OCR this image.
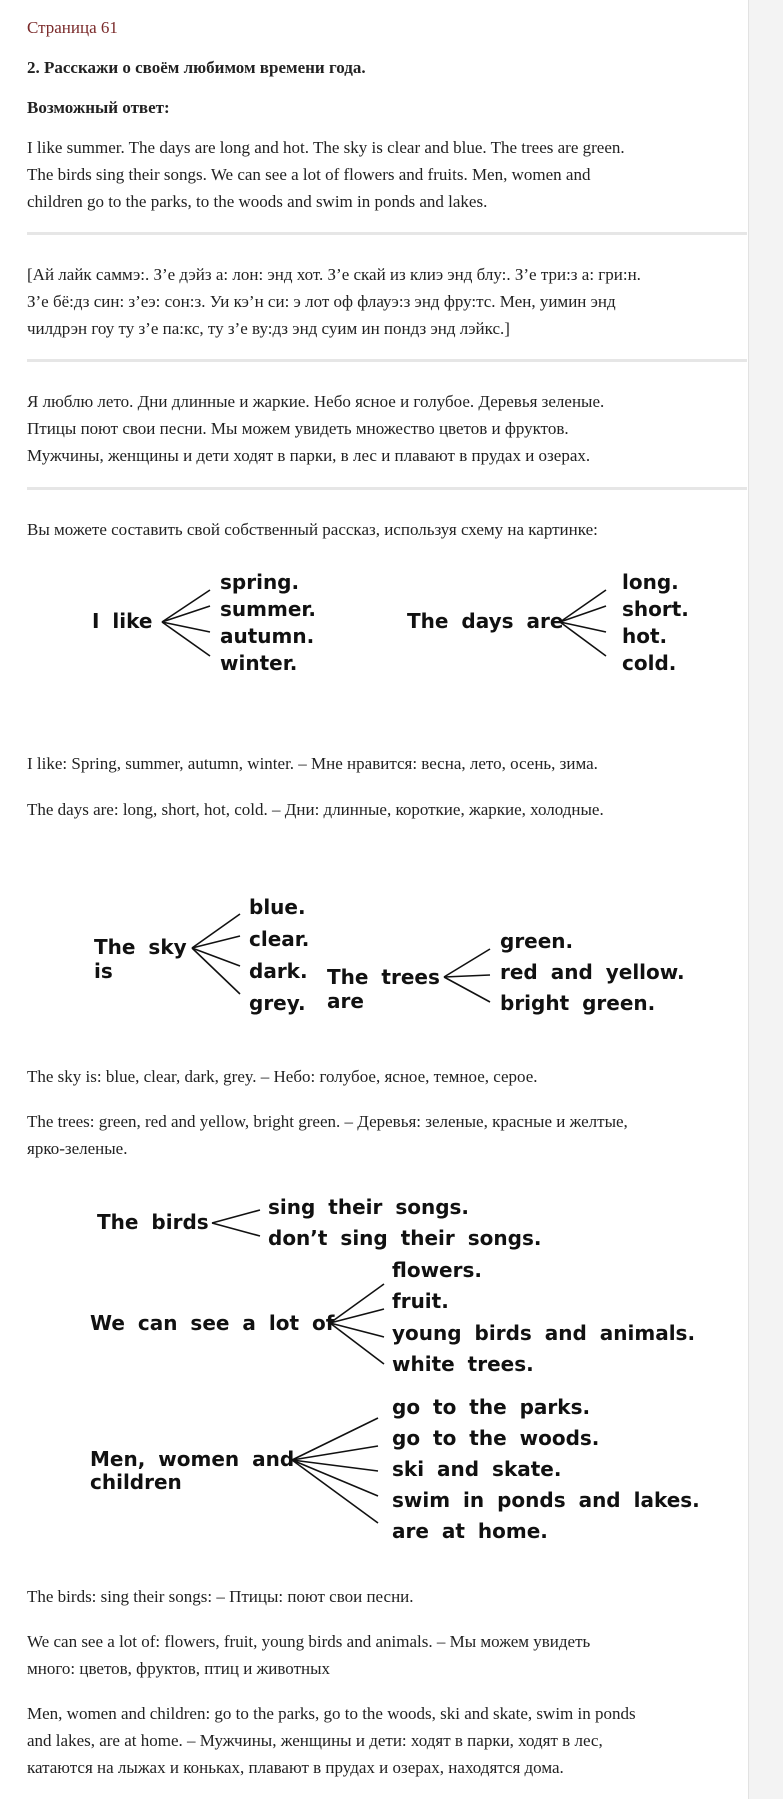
Страница 61

2. Расскажи о своём любимом времени года.

Возможный ответ:

I like summer. The days are long and hot. The sky is clear and blue. The trees are green.
The birds sing their songs. We can see a lot of flowers and fruits. Men, women and
children go to the parks, to the woods and swim in ponds and lakes.
[Ай лайк саммэ:. З’е дэйз а: лон: энд хот. З’е скай из клиэ энд блу:. З’е три:з а: гри:н.
З’е бё:дз син: з’еэ: сон:з. Уи кэ’н си: э лот оф флауэ:з энд фру:тс. Мен, уимин энд
чилдрэн гоу ту з’е па:кс, ту з’е ву:дз энд суим ин пондз энд лэйкс.]
Я люблю лето. Дни длинные и жаркие. Небо ясное и голубое. Деревья зеленые.
Птицы поют свои песни. Мы можем увидеть множество цветов и фруктов.
Мужчины, женщины и дети ходят в парки, в лес и плавают в прудах и озерах.

Вы можете составить свой собственный рассказ, используя схему на картинке:

I like
spring.
summer.
autumn.
winter.
The days are
long.
short.
hot.
cold.

The days are: long, short, hot, cold. – Дни: длинные, короткие, жаркие, холодные.

I like: Spring, summer, autumn, winter. – Мне нравится: весна, лето, осень, зима.

The sky
is
blue.
clear.
dark.
grey.
The trees
are
green.
red and yellow.
bright green.

The sky is: blue, clear, dark, grey. – Небо: голубое, ясное, темное, серое.

The trees: green, red and yellow, bright green. – Деревья: зеленые, красные и желтые,
ярко-зеленые.
The birds
sing their songs.
don’t sing their songs.
We can see a lot of
flowers.
fruit.
young birds and animals.
white trees.
Men, women and
children
go to the parks.
go to the woods.
ski and skate.
swim in ponds and lakes.
are at home.

The birds: sing their songs: – Птицы: поют свои песни.

We can see a lot of: flowers, fruit, young birds and animals. – Мы можем увидеть
много: цветов, фруктов, птиц и животных
Men, women and children: go to the parks, go to the woods, ski and skate, swim in ponds
and lakes, are at home. – Мужчины, женщины и дети: ходят в парки, ходят в лес,
катаются на лыжах и коньках, плавают в прудах и озерах, находятся дома.
